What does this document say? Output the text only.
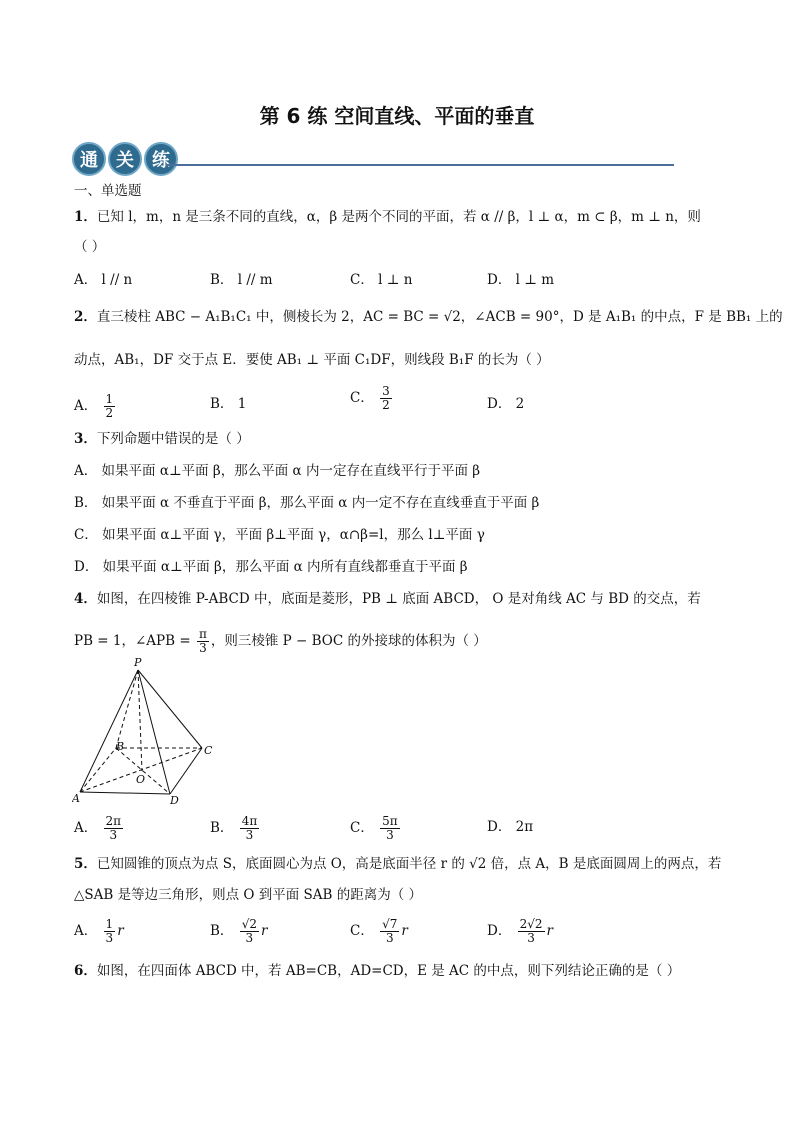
第 6 练 空间直线、平面的垂直
通	关	练
一、单选题
1．已知 l，m，n 是三条不同的直线，α，β 是两个不同的平面，若 α // β，l ⊥ α，m ⊂ β，m ⊥ n，则
（ ）
A． l // n	B． l // m	C． l ⊥ n	D． l ⊥ m
2．直三棱柱 ABC − A₁B₁C₁ 中，侧棱长为 2，AC = BC = √2，∠ACB = 90°，D 是 A₁B₁ 的中点，F 是 BB₁ 上的
动点，AB₁，DF 交于点 E．要使 AB₁ ⊥ 平面 C₁DF，则线段 B₁F 的长为（ ）
A． $\frac{1}{2}$	B． 1	C． $\frac{3}{2}$	D． 2
3．下列命题中错误的是（ ）
A． 如果平面 α⊥平面 β，那么平面 α 内一定存在直线平行于平面 β
B． 如果平面 α 不垂直于平面 β，那么平面 α 内一定不存在直线垂直于平面 β
C． 如果平面 α⊥平面 γ，平面 β⊥平面 γ，α∩β=l，那么 l⊥平面 γ
D． 如果平面 α⊥平面 β，那么平面 α 内所有直线都垂直于平面 β
4．如图，在四棱锥 P-ABCD 中，底面是菱形，PB ⊥ 底面 ABCD， O 是对角线 AC 与 BD 的交点，若
PB = 1，∠APB = $\frac{\pi}{3}$ ，则三棱锥 P − BOC 的外接球的体积为（ ）
P
A
B	C
D
O
A． $\frac{2\pi}{3}$	B． $\frac{4\pi}{3}$	C． $\frac{5\pi}{3}$	D． 2π
5．已知圆锥的顶点为点 S，底面圆心为点 O，高是底面半径 r 的 √2 倍，点 A，B 是底面圆周上的两点，若
△SAB 是等边三角形，则点 O 到平面 SAB 的距离为（ ）
A． $\frac{1}{3}$ r	B． $\frac{√2}{3}$ r	C． $\frac{√7}{3}$ r	D． $\frac{2√2}{3}$ r
6．如图，在四面体 ABCD 中，若 AB=CB，AD=CD，E 是 AC 的中点，则下列结论正确的是（ ）
